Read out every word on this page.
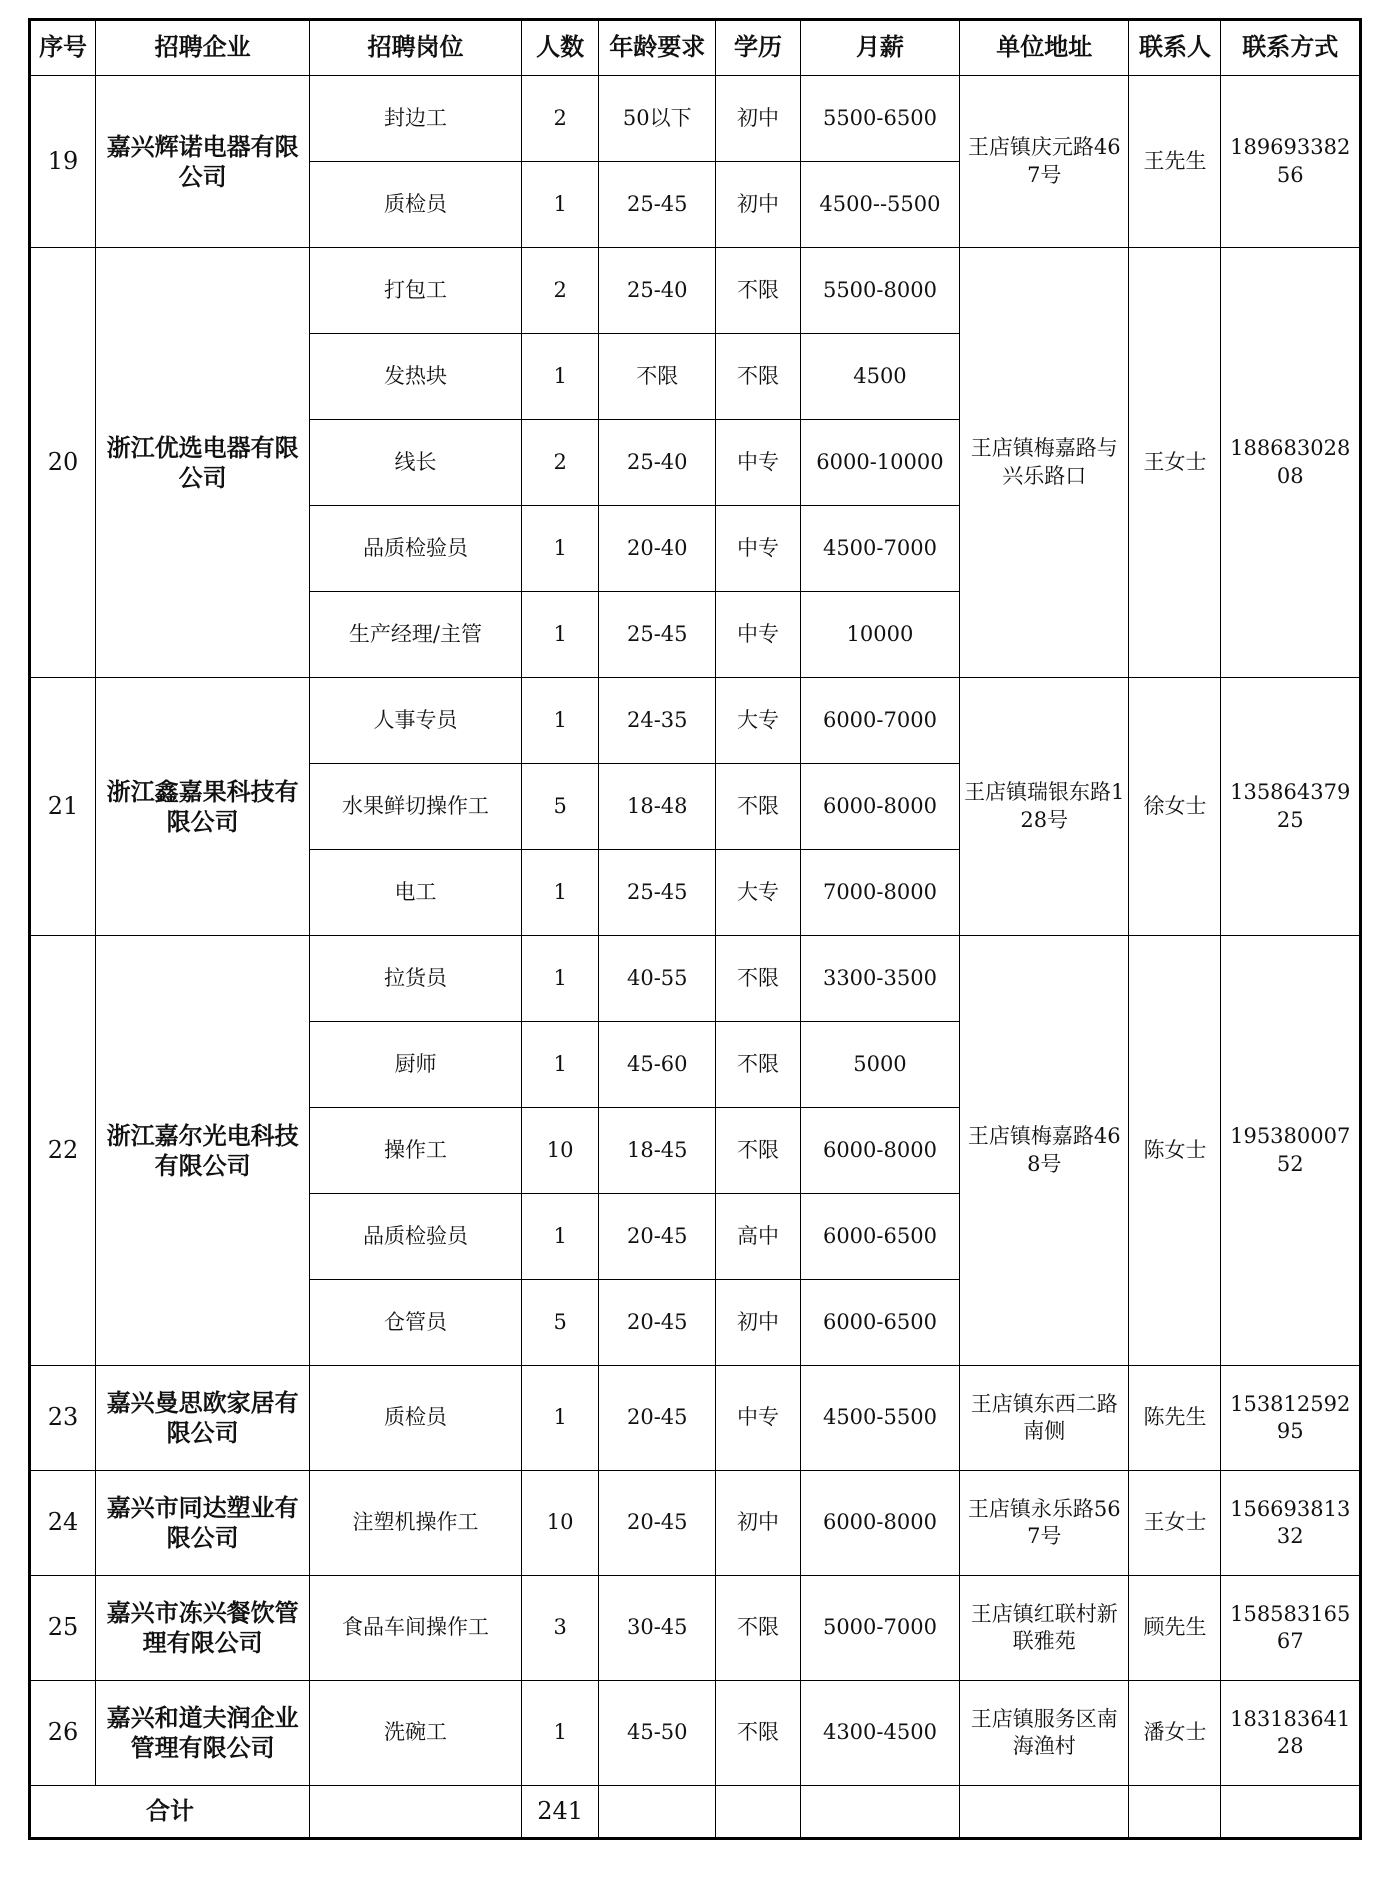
序号	招聘企业	招聘岗位	人数	年龄要求	学历	月薪	单位地址	联系人	联系方式
19	嘉兴辉诺电器有限公司	封边工	2	50以下	初中	5500-6500	王店镇庆元路467号	王先生	18969338256
		质检员	1	25-45	初中	4500--5500			
20	浙江优选电器有限公司	打包工	2	25-40	不限	5500-8000	王店镇梅嘉路与兴乐路口	王女士	18868302808
		发热块	1	不限	不限	4500			
		线长	2	25-40	中专	6000-10000			
		品质检验员	1	20-40	中专	4500-7000			
		生产经理/主管	1	25-45	中专	10000			
21	浙江鑫嘉果科技有限公司	人事专员	1	24-35	大专	6000-7000	王店镇瑞银东路128号	徐女士	13586437925
		水果鲜切操作工	5	18-48	不限	6000-8000			
		电工	1	25-45	大专	7000-8000			
22	浙江嘉尔光电科技有限公司	拉货员	1	40-55	不限	3300-3500	王店镇梅嘉路468号	陈女士	19538000752
		厨师	1	45-60	不限	5000			
		操作工	10	18-45	不限	6000-8000			
		品质检验员	1	20-45	高中	6000-6500			
		仓管员	5	20-45	初中	6000-6500			
23	嘉兴曼思欧家居有限公司	质检员	1	20-45	中专	4500-5500	王店镇东西二路南侧	陈先生	15381259295
24	嘉兴市同达塑业有限公司	注塑机操作工	10	20-45	初中	6000-8000	王店镇永乐路567号	王女士	15669381332
25	嘉兴市冻兴餐饮管理有限公司	食品车间操作工	3	30-45	不限	5000-7000	王店镇红联村新联雅苑	顾先生	15858316567
26	嘉兴和道夫润企业管理有限公司	洗碗工	1	45-50	不限	4300-4500	王店镇服务区南海渔村	潘女士	18318364128
合计			241						
